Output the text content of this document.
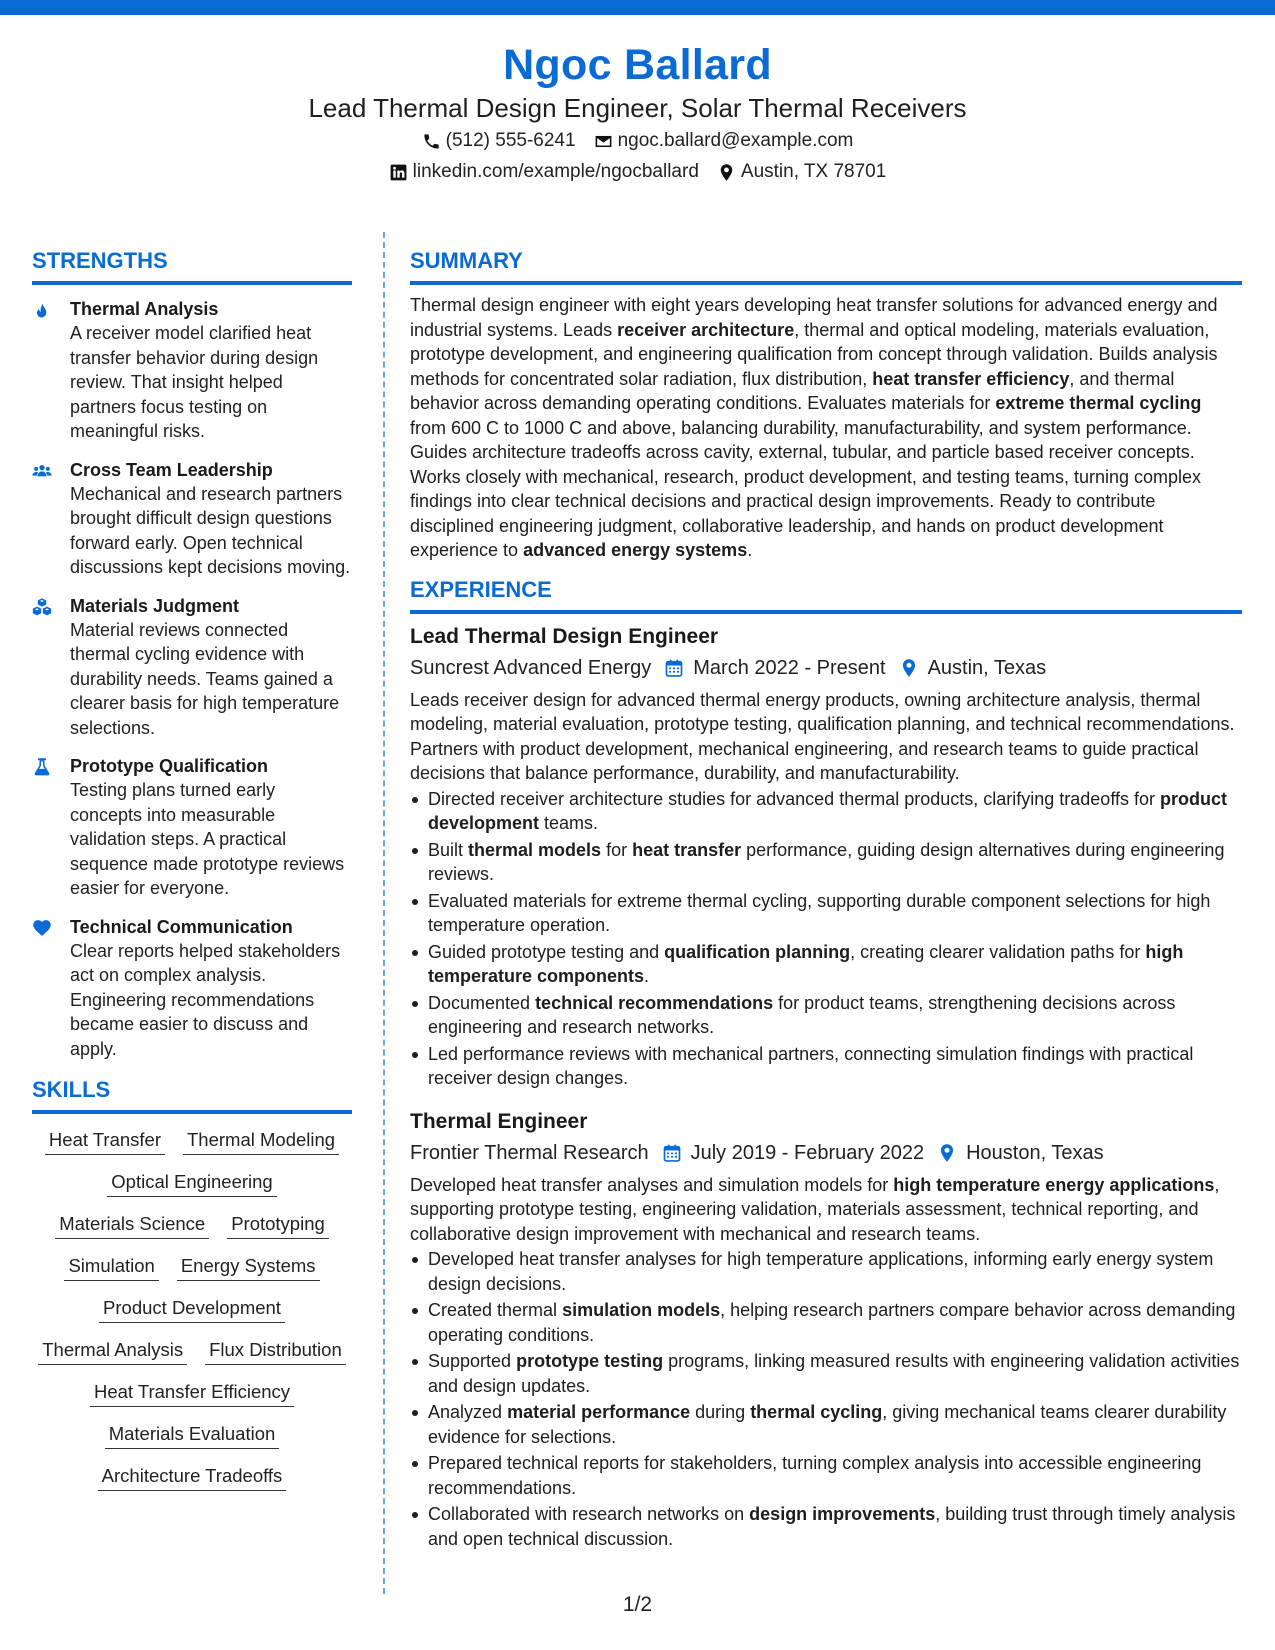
Ngoc Ballard
Lead Thermal Design Engineer, Solar Thermal Receivers
(512) 555-6241 ngoc.ballard@example.com
linkedin.com/example/ngocballard Austin, TX 78701
STRENGTHS
Thermal Analysis
A receiver model clarified heat transfer behavior during design review. That insight helped partners focus testing on meaningful risks.
Cross Team Leadership
Mechanical and research partners brought difficult design questions forward early. Open technical discussions kept decisions moving.
Materials Judgment
Material reviews connected thermal cycling evidence with durability needs. Teams gained a clearer basis for high temperature selections.
Prototype Qualification
Testing plans turned early concepts into measurable validation steps. A practical sequence made prototype reviews easier for everyone.
Technical Communication
Clear reports helped stakeholders act on complex analysis. Engineering recommendations became easier to discuss and apply.
SKILLS
Heat Transfer Thermal Modeling
Optical Engineering
Materials Science Prototyping
Simulation Energy Systems
Product Development
Thermal Analysis Flux Distribution
Heat Transfer Efficiency
Materials Evaluation
Architecture Tradeoffs
SUMMARY
Thermal design engineer with eight years developing heat transfer solutions for advanced energy and industrial systems. Leads receiver architecture, thermal and optical modeling, materials evaluation, prototype development, and engineering qualification from concept through validation. Builds analysis methods for concentrated solar radiation, flux distribution, heat transfer efficiency, and thermal behavior across demanding operating conditions. Evaluates materials for extreme thermal cycling from 600 C to 1000 C and above, balancing durability, manufacturability, and system performance. Guides architecture tradeoffs across cavity, external, tubular, and particle based receiver concepts. Works closely with mechanical, research, product development, and testing teams, turning complex findings into clear technical decisions and practical design improvements. Ready to contribute disciplined engineering judgment, collaborative leadership, and hands on product development experience to advanced energy systems.
EXPERIENCE
Lead Thermal Design Engineer
Suncrest Advanced Energy March 2022 - Present Austin, Texas
Leads receiver design for advanced thermal energy products, owning architecture analysis, thermal modeling, material evaluation, prototype testing, qualification planning, and technical recommendations. Partners with product development, mechanical engineering, and research teams to guide practical decisions that balance performance, durability, and manufacturability.
Directed receiver architecture studies for advanced thermal products, clarifying tradeoffs for product development teams.
Built thermal models for heat transfer performance, guiding design alternatives during engineering reviews.
Evaluated materials for extreme thermal cycling, supporting durable component selections for high temperature operation.
Guided prototype testing and qualification planning, creating clearer validation paths for high temperature components.
Documented technical recommendations for product teams, strengthening decisions across engineering and research networks.
Led performance reviews with mechanical partners, connecting simulation findings with practical receiver design changes.
Thermal Engineer
Frontier Thermal Research July 2019 - February 2022 Houston, Texas
Developed heat transfer analyses and simulation models for high temperature energy applications, supporting prototype testing, engineering validation, materials assessment, technical reporting, and collaborative design improvement with mechanical and research teams.
Developed heat transfer analyses for high temperature applications, informing early energy system design decisions.
Created thermal simulation models, helping research partners compare behavior across demanding operating conditions.
Supported prototype testing programs, linking measured results with engineering validation activities and design updates.
Analyzed material performance during thermal cycling, giving mechanical teams clearer durability evidence for selections.
Prepared technical reports for stakeholders, turning complex analysis into accessible engineering recommendations.
Collaborated with research networks on design improvements, building trust through timely analysis and open technical discussion.
1/2
